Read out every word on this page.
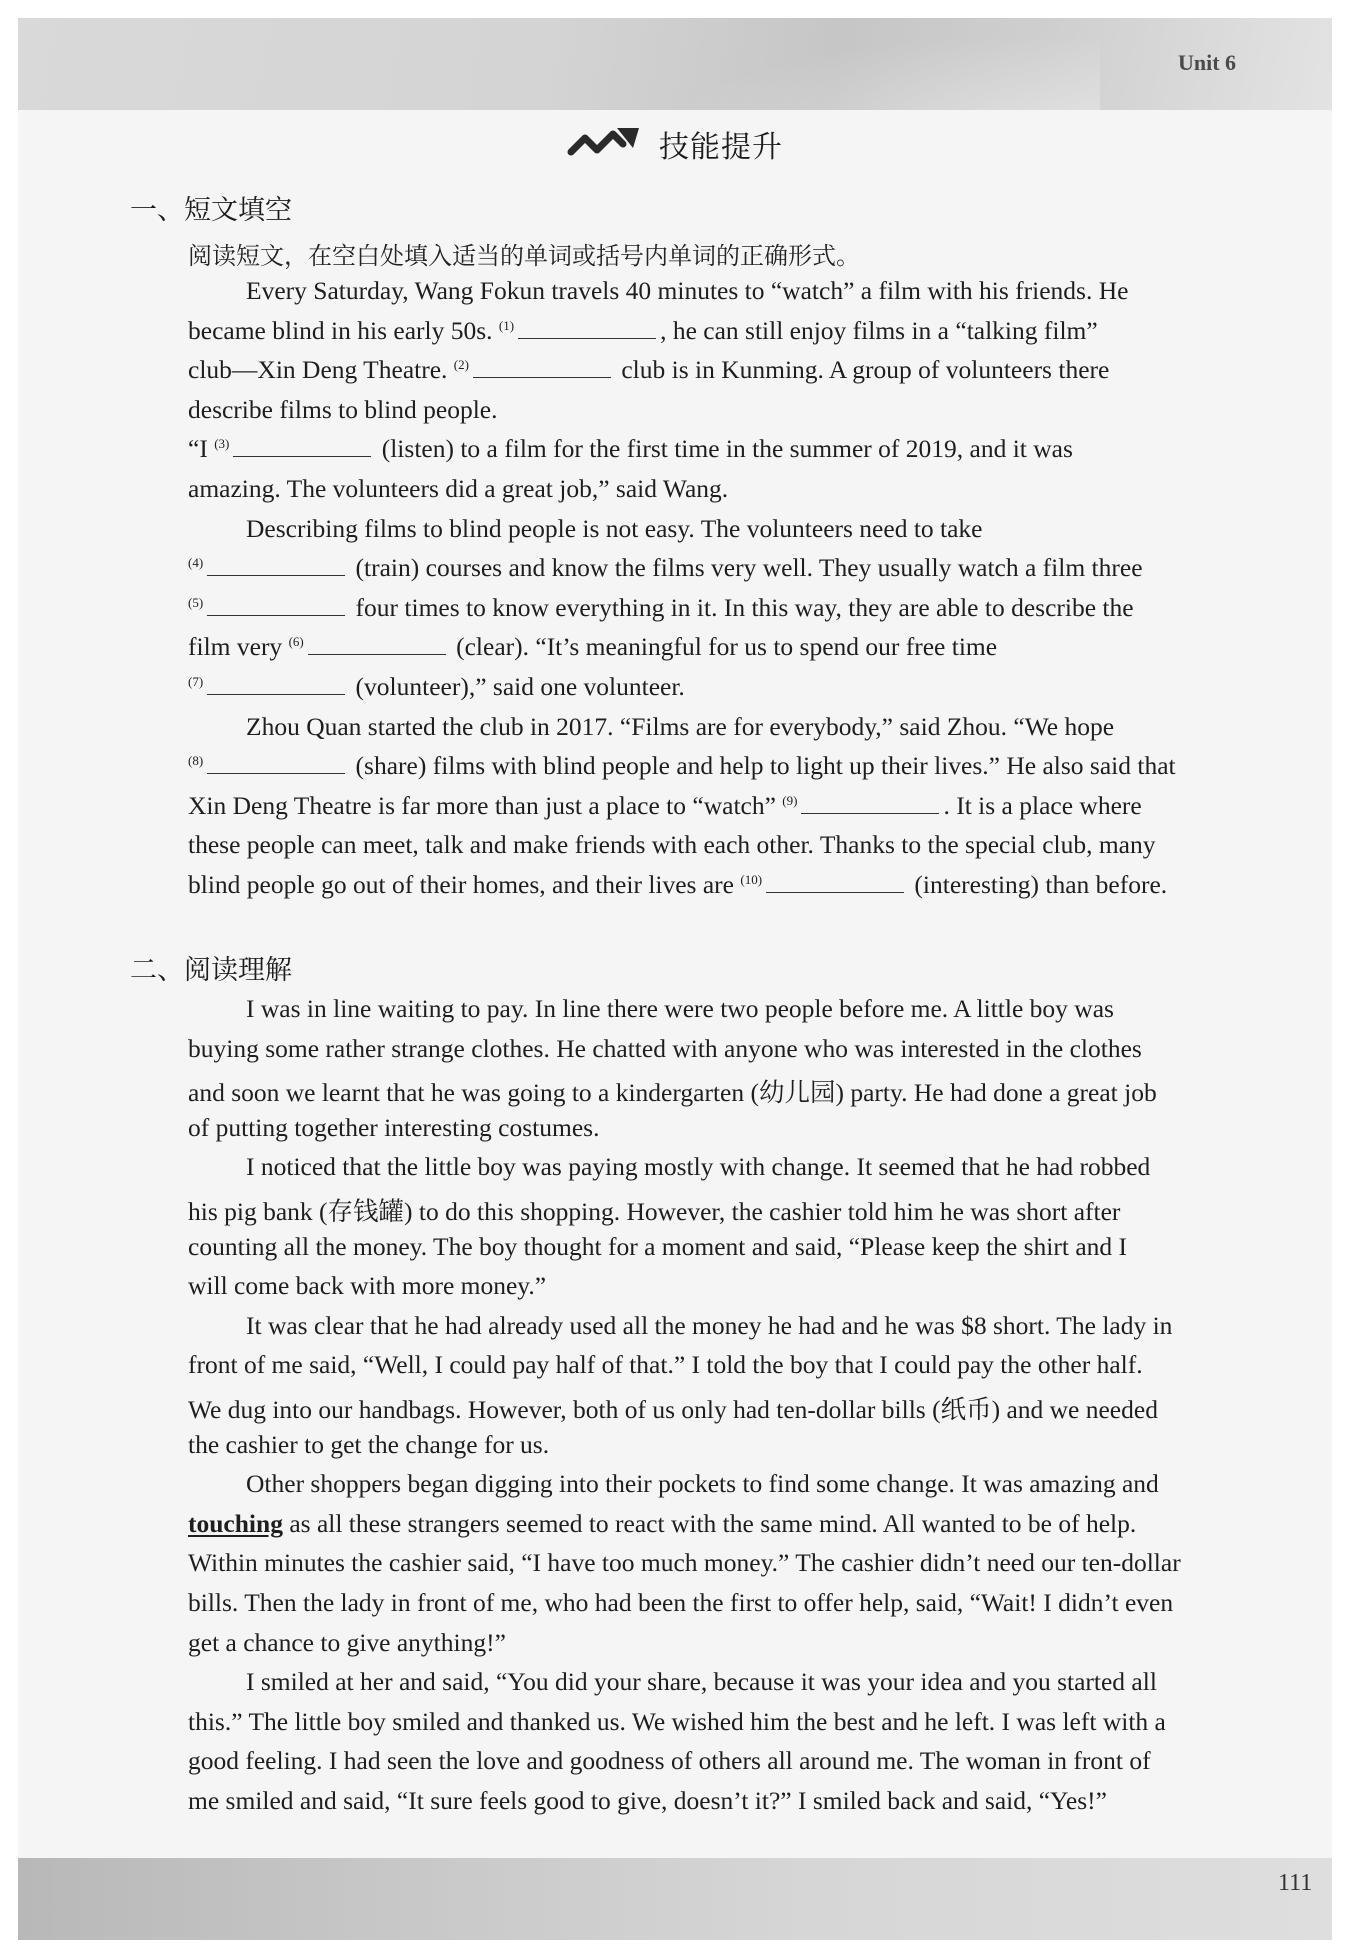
Unit 6
技能提升
一、短文填空
阅读短文，在空白处填入适当的单词或括号内单词的正确形式。
Every Saturday, Wang Fokun travels 40 minutes to “watch” a film with his friends. He
became blind in his early 50s. $^{(1)}$	, he can still enjoy films in a “talking film”
club—Xin Deng Theatre. $^{(2)}$	club is in Kunming. A group of volunteers there
describe films to blind people.
“I $^{(3)}$	(listen) to a film for the first time in the summer of 2019, and it was
amazing. The volunteers did a great job,” said Wang.
Describing films to blind people is not easy. The volunteers need to take
$^{(4)}$	(train) courses and know the films very well. They usually watch a film three
$^{(5)}$	four times to know everything in it. In this way, they are able to describe the
film very $^{(6)}$	(clear). “It’s meaningful for us to spend our free time
$^{(7)}$	(volunteer),” said one volunteer.
Zhou Quan started the club in 2017. “Films are for everybody,” said Zhou. “We hope
$^{(8)}$	(share) films with blind people and help to light up their lives.” He also said that
Xin Deng Theatre is far more than just a place to “watch” $^{(9)}$	. It is a place where
these people can meet, talk and make friends with each other. Thanks to the special club, many
blind people go out of their homes, and their lives are $^{(10)}$	(interesting) than before.
二、阅读理解
I was in line waiting to pay. In line there were two people before me. A little boy was
buying some rather strange clothes. He chatted with anyone who was interested in the clothes
and soon we learnt that he was going to a kindergarten (幼儿园) party. He had done a great job
of putting together interesting costumes.
I noticed that the little boy was paying mostly with change. It seemed that he had robbed
his pig bank (存钱罐) to do this shopping. However, the cashier told him he was short after
counting all the money. The boy thought for a moment and said, “Please keep the shirt and I
will come back with more money.”
It was clear that he had already used all the money he had and he was $8 short. The lady in
front of me said, “Well, I could pay half of that.” I told the boy that I could pay the other half.
We dug into our handbags. However, both of us only had ten-dollar bills (纸币) and we needed
the cashier to get the change for us.
Other shoppers began digging into their pockets to find some change. It was amazing and
touching as all these strangers seemed to react with the same mind. All wanted to be of help.
Within minutes the cashier said, “I have too much money.” The cashier didn’t need our ten-dollar
bills. Then the lady in front of me, who had been the first to offer help, said, “Wait! I didn’t even
get a chance to give anything!”
I smiled at her and said, “You did your share, because it was your idea and you started all
this.” The little boy smiled and thanked us. We wished him the best and he left. I was left with a
good feeling. I had seen the love and goodness of others all around me. The woman in front of
me smiled and said, “It sure feels good to give, doesn’t it?” I smiled back and said, “Yes!”
111
